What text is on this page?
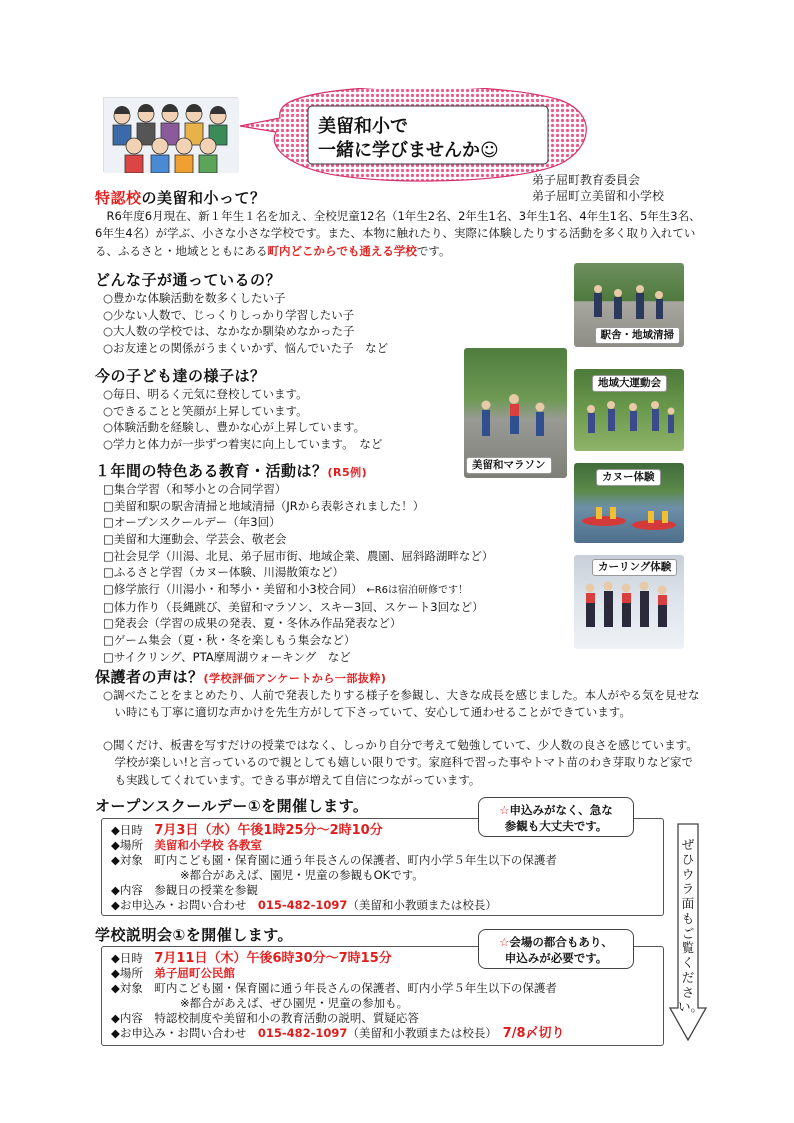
美留和小で
一緒に学びませんか☺
弟子屈町教育委員会
弟子屈町立美留和小学校
特認校の美留和小って？
R6年度6月現在、新１年生１名を加え、全校児童12名（1年生2名、2年生1名、3年生1名、4年生1名、5年生3名、6年生4名）が学ぶ、小さな小さな学校です。また、本物に触れたり、実際に体験したりする活動を多く取り入れている、ふるさと・地域とともにある町内どこからでも通える学校です。
どんな子が通っているの？
○豊かな体験活動を数多くしたい子
○少ない人数で、じっくりしっかり学習したい子
○大人数の学校では、なかなか馴染めなかった子
○お友達との関係がうまくいかず、悩んでいた子　など
今の子ども達の様子は？
○毎日、明るく元気に登校しています。
○できることと笑顔が上昇しています。
○体験活動を経験し、豊かな心が上昇しています。
○学力と体力が一歩ずつ着実に向上しています。　など
１年間の特色ある教育・活動は？(R5例)
□集合学習（和琴小との合同学習）
□美留和駅の駅舎清掃と地域清掃（JRから表彰されました！）
□オープンスクールデー（年3回）
□美留和大運動会、学芸会、敬老会
□社会見学（川湯、北見、弟子屈市街、地域企業、農園、屈斜路湖畔など）
□ふるさと学習（カヌー体験、川湯散策など）
□修学旅行（川湯小・和琴小・美留和小3校合同） ←R6は宿泊研修です！
□体力作り（長縄跳び、美留和マラソン、スキー3回、スケート3回など）
□発表会（学習の成果の発表、夏・冬休み作品発表など）
□ゲーム集会（夏・秋・冬を楽しもう集会など）
□サイクリング、PTA摩周湖ウォーキング　など
駅舎・地域清掃
地域大運動会
美留和マラソン
カヌー体験
カーリング体験
保護者の声は？(学校評価アンケートから一部抜粋)
○調べたことをまとめたり、人前で発表したりする様子を参観し、大きな成長を感じました。本人がやる気を見せない時にも丁寧に適切な声かけを先生方がして下さっていて、安心して通わせることができています。
○聞くだけ、板書を写すだけの授業ではなく、しっかり自分で考えて勉強していて、少人数の良さを感じています。学校が楽しい!と言っているので親としても嬉しい限りです。家庭科で習った事やトマト苗のわき芽取りなど家でも実践してくれています。できる事が増えて自信につながっています。
オープンスクールデー①を開催します。	☆申込みがなく、急な
参観も大丈夫です。
◆日時　 7月3日（水）午後1時25分～2時10分
◆場所　 美留和小学校 各教室
◆対象　 町内こども園・保育園に通う年長さんの保護者、町内小学５年生以下の保護者
※都合があえば、園児・児童の参観もOKです。
◆内容　 参観日の授業を参観
◆お申込み・お問い合わせ　 015-482-1097（美留和小教頭または校長）
学校説明会①を開催します。	☆会場の都合もあり、
申込みが必要です。
◆日時　 7月11日（木）午後6時30分～7時15分
◆場所　 弟子屈町公民館
◆対象　 町内こども園・保育園に通う年長さんの保護者、町内小学５年生以下の保護者
※都合があえば、ぜひ園児・児童の参加も。
◆内容　 特認校制度や美留和小の教育活動の説明、質疑応答
◆お申込み・お問い合わせ　 015-482-1097（美留和小教頭または校長）　 7/8〆切り
ぜひウラ面もご覧ください。
